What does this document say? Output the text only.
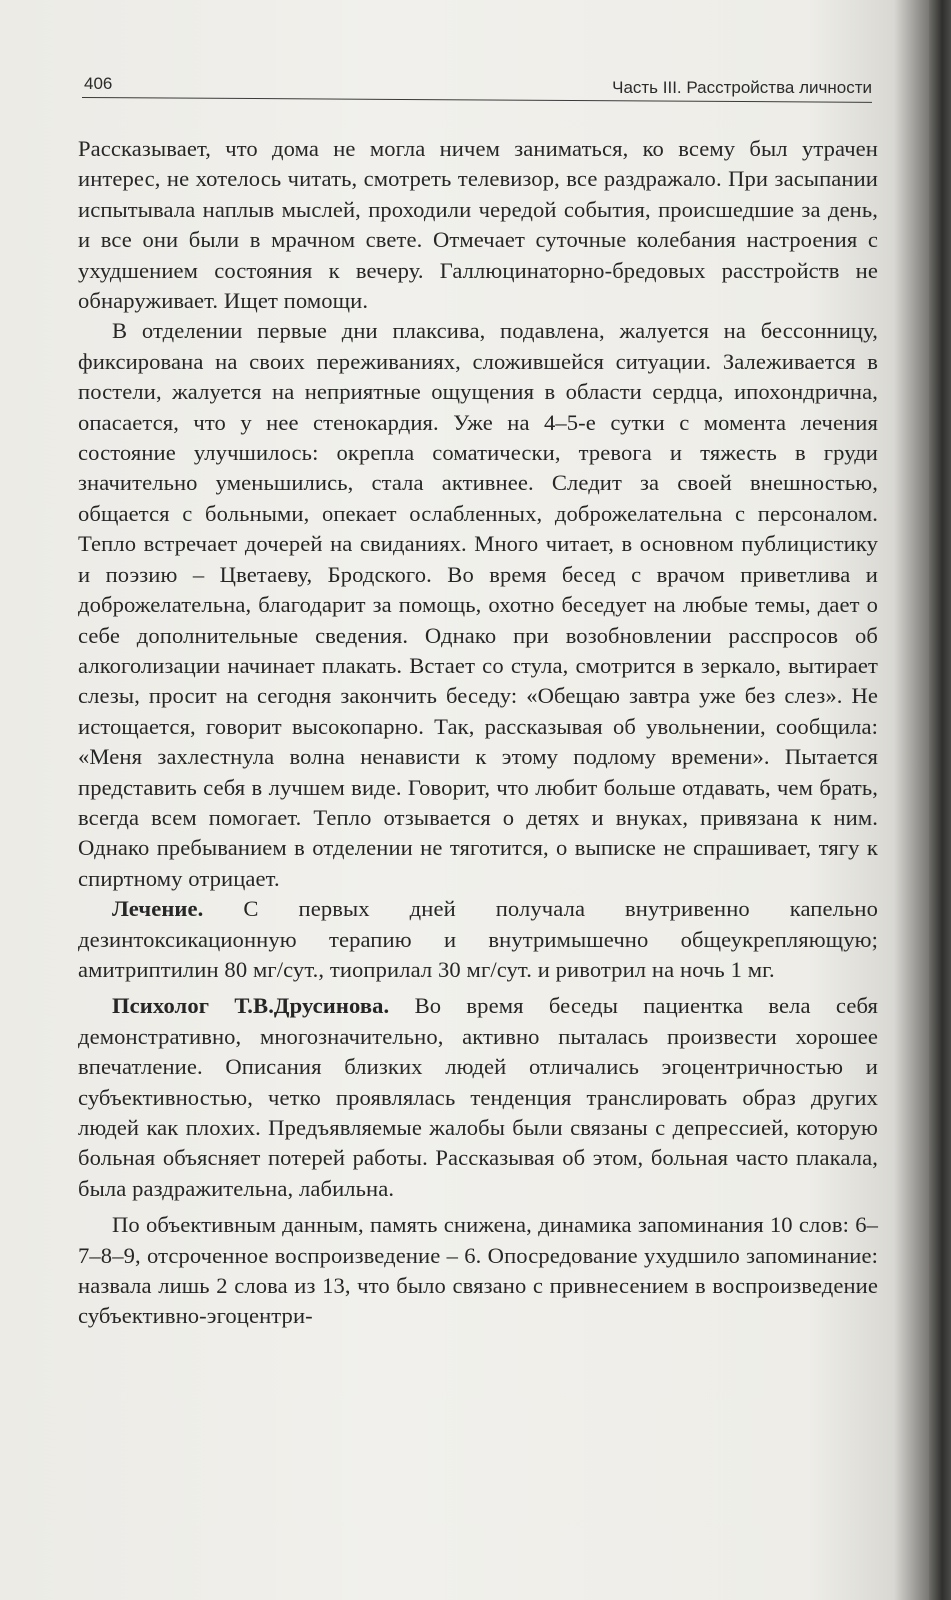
406	Часть III. Расстройства личности

Рассказывает, что дома не могла ничем заниматься, ко всему был утрачен интерес, не хотелось читать, смотреть телевизор, все раздражало. При засыпании испытывала наплыв мыслей, проходили чередой события, происшедшие за день, и все они были в мрачном свете. Отмечает суточные колебания настроения с ухудшением состояния к вечеру. Галлюцинаторно-бредовых расстройств не обнаруживает. Ищет помощи.

В отделении первые дни плаксива, подавлена, жалуется на бессонницу, фиксирована на своих переживаниях, сложившейся ситуации. Залеживается в постели, жалуется на неприятные ощущения в области сердца, ипохондрична, опасается, что у нее стенокардия. Уже на 4–5-е сутки с момента лечения состояние улучшилось: окрепла соматически, тревога и тяжесть в груди значительно уменьшились, стала активнее. Следит за своей внешностью, общается с больными, опекает ослабленных, доброжелательна с персоналом. Тепло встречает дочерей на свиданиях. Много читает, в основном публицистику и поэзию – Цветаеву, Бродского. Во время бесед с врачом приветлива и доброжелательна, благодарит за помощь, охотно беседует на любые темы, дает о себе дополнительные сведения. Однако при возобновлении расспросов об алкоголизации начинает плакать. Встает со стула, смотрится в зеркало, вытирает слезы, просит на сегодня закончить беседу: «Обещаю завтра уже без слез». Не истощается, говорит высокопарно. Так, рассказывая об увольнении, сообщила: «Меня захлестнула волна ненависти к этому подлому времени». Пытается представить себя в лучшем виде. Говорит, что любит больше отдавать, чем брать, всегда всем помогает. Тепло отзывается о детях и внуках, привязана к ним. Однако пребыванием в отделении не тяготится, о выписке не спрашивает, тягу к спиртному отрицает.

Лечение. С первых дней получала внутривенно капельно дезинтоксикационную терапию и внутримышечно общеукрепляющую; амитриптилин 80 мг/сут., тиоприлал 30 мг/сут. и ривотрил на ночь 1 мг.

Психолог Т.В.Друсинова. Во время беседы пациентка вела себя демонстративно, многозначительно, активно пыталась произвести хорошее впечатление. Описания близких людей отличались эгоцентричностью и субъективностью, четко проявлялась тенденция транслировать образ других людей как плохих. Предъявляемые жалобы были связаны с депрессией, которую больная объясняет потерей работы. Рассказывая об этом, больная часто плакала, была раздражительна, лабильна.

По объективным данным, память снижена, динамика запоминания 10 слов: 6–7–8–9, отсроченное воспроизведение – 6. Опосредование ухудшило запоминание: назвала лишь 2 слова из 13, что было связано с привнесением в воспроизведение субъективно-эгоцентри-
